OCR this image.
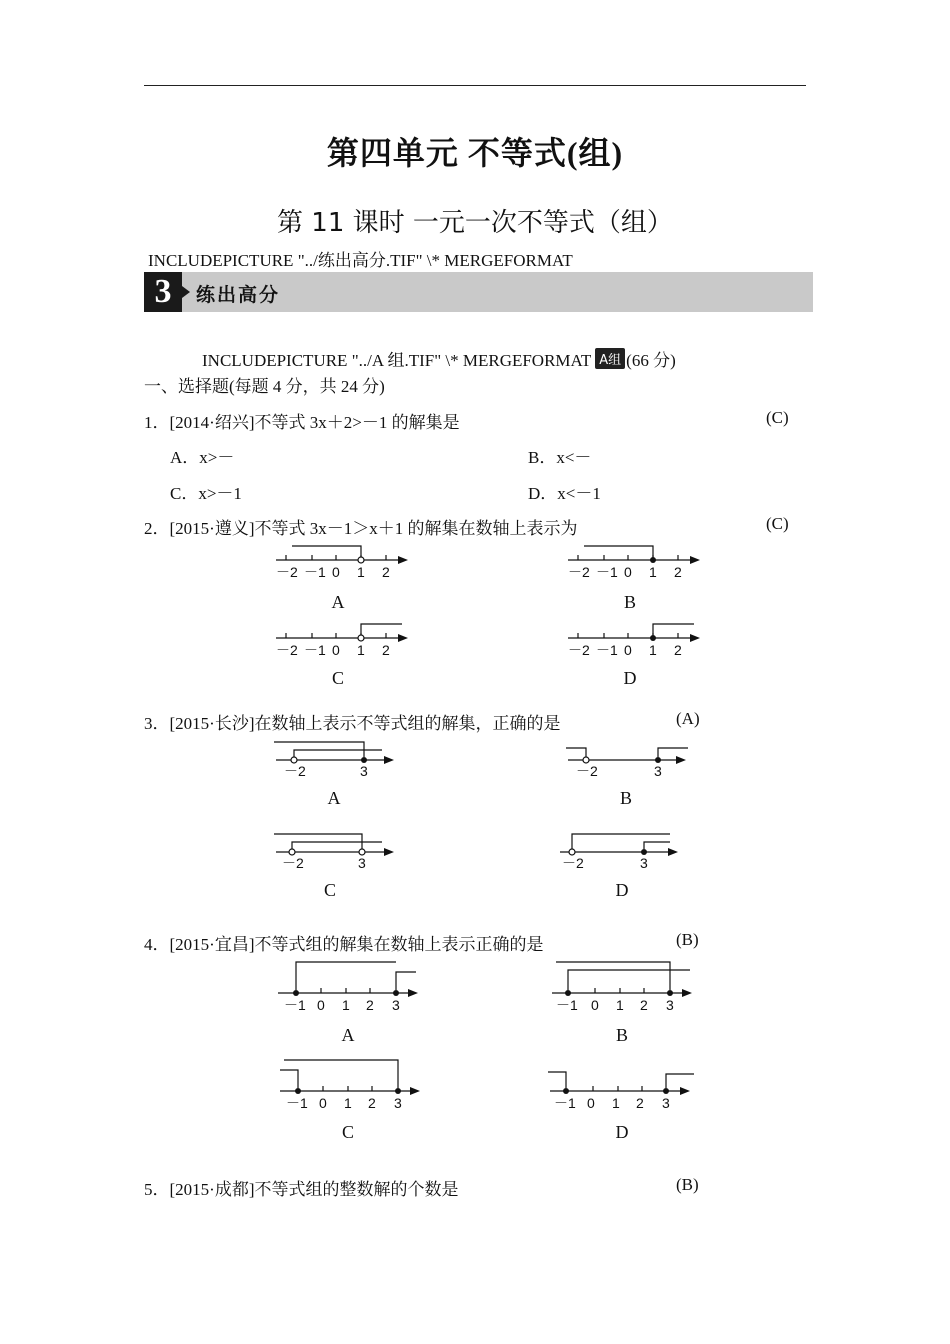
第四单元 不等式(组)
第 11 课时 一元一次不等式（组）
INCLUDEPICTURE "../练出高分.TIF" \* MERGEFORMAT
3	练出高分
INCLUDEPICTURE "../A 组.TIF" \* MERGEFORMAT A组 (66 分)
一、选择题(每题 4 分，共 24 分)
1．[2014·绍兴]不等式 3x＋2>－1 的解集是	(C)
A．x>－	B．x<－
C．x>－1	D．x<－1
2．[2015·遵义]不等式 3x－1＞x＋1 的解集在数轴上表示为	(C)
－2 －1 0 1 2
A
－2 －1 0 1 2
B
－2 －1 0 1 2
C
－2 －1 0 1 2
D
3．[2015·长沙]在数轴上表示不等式组的解集，正确的是	(A)
－2	3
A
－2	3
B
－2	3
C
－2	3
D
4．[2015·宜昌]不等式组的解集在数轴上表示正确的是	(B)
－1 0 1 2 3
A
－1 0 1 2 3
B
－1 0 1 2 3
C
－1 0 1 2 3
D
5．[2015·成都]不等式组的整数解的个数是	(B)
